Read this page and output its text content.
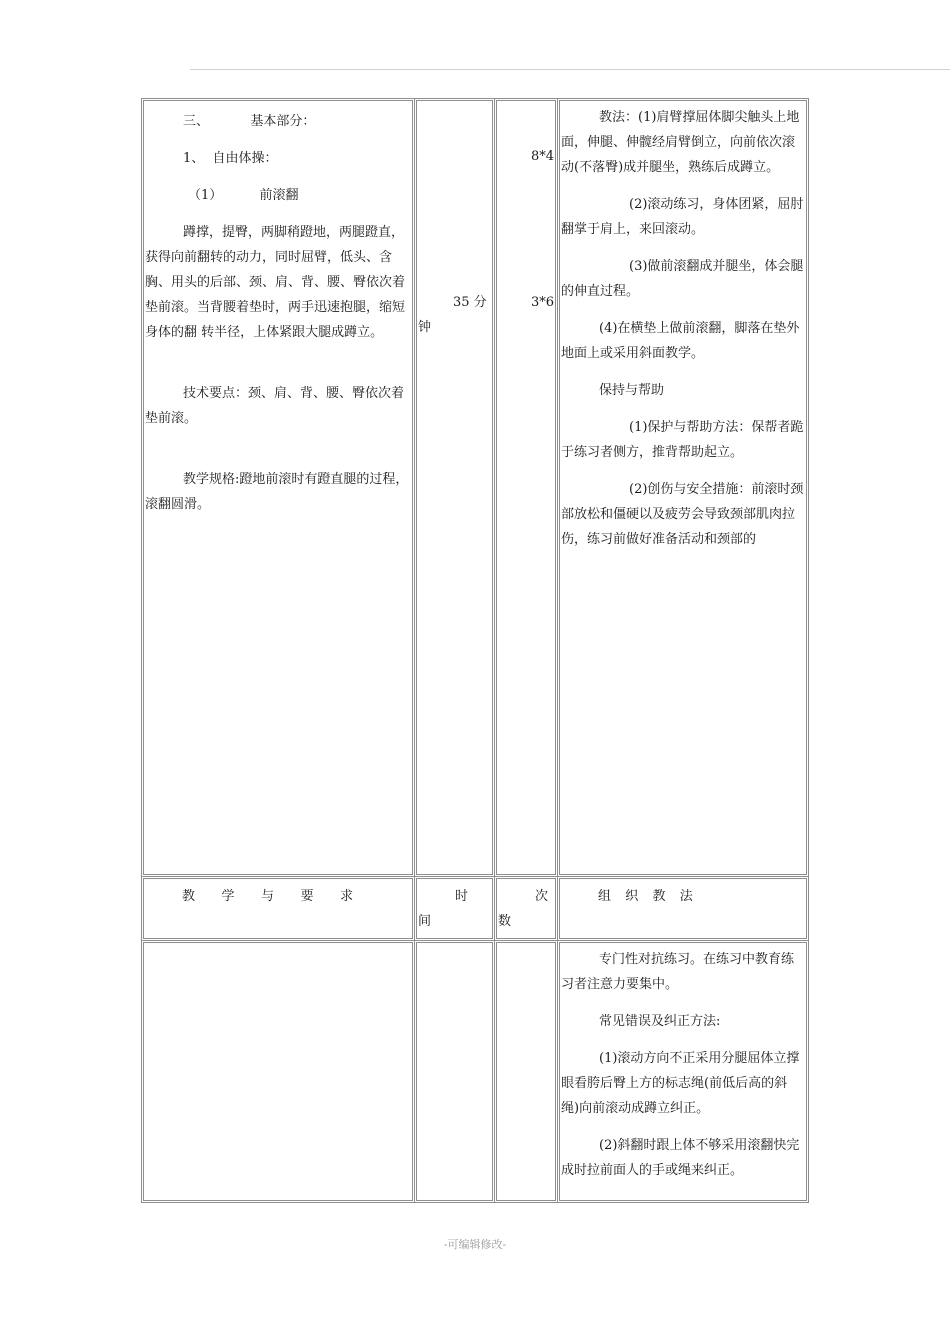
三、          基本部分：

1、  自由体操：

（1）         前滚翻

蹲撑，提臀，两脚稍蹬地，两腿蹬直，获得向前翻转的动力，同时屈臂，低头、含胸、用头的后部、颈、肩、背、腰、臀依次着垫前滚。当背腰着垫时，两手迅速抱腿，缩短身体的翻 转半径，上体紧跟大腿成蹲立。

技术要点：颈、肩、背、腰、臀依次着垫前滚。

教学规格:蹬地前滚时有蹬直腿的过程，滚翻圆滑。

35 分

钟

8*4

3*6

教法：(1)肩臂撑屈体脚尖触头上地面，伸腿、伸髋经肩臂倒立，向前依次滚动(不落臀)成并腿坐，熟练后成蹲立。

(2)滚动练习，身体团紧，屈肘翻掌于肩上，来回滚动。

(3)做前滚翻成并腿坐，体会腿的伸直过程。

(4)在横垫上做前滚翻，脚落在垫外地面上或采用斜面教学。

保持与帮助

(1)保护与帮助方法：保帮者跪于练习者侧方，推背帮助起立。

(2)创伤与安全措施：前滚时颈部放松和僵硬以及疲劳会导致颈部肌肉拉伤，练习前做好准备活动和颈部的

教    学    与    要    求	时

间

次

数

组  织  教  法

专门性对抗练习。在练习中教育练习者注意力要集中。

常见错误及纠正方法:

(1)滚动方向不正采用分腿屈体立撑眼看胯后臀上方的标志绳(前低后高的斜绳)向前滚动成蹲立纠正。

(2)斜翻时跟上体不够采用滚翻快完成时拉前面人的手或绳来纠正。

-可编辑修改-
